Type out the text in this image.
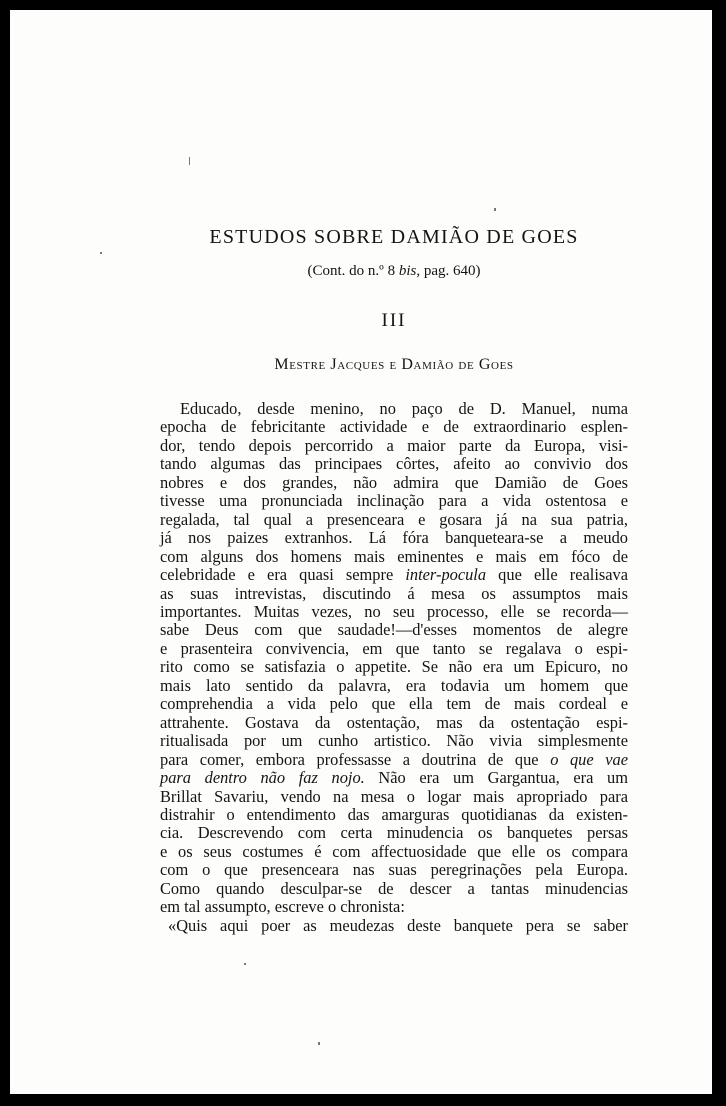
ESTUDOS SOBRE DAMIÃO DE GOES
(Cont. do n.º 8 bis, pag. 640)
III
Mestre Jacques e Damião de Goes
Educado, desde menino, no paço de D. Manuel, numa
epocha de febricitante actividade e de extraordinario esplen-
dor, tendo depois percorrido a maior parte da Europa, visi-
tando algumas das principaes côrtes, afeito ao convivio dos
nobres e dos grandes, não admira que Damião de Goes
tivesse uma pronunciada inclinação para a vida ostentosa e
regalada, tal qual a presenceara e gosara já na sua patria,
já nos paizes extranhos. Lá fóra banqueteara-se a meudo
com alguns dos homens mais eminentes e mais em fóco de
celebridade e era quasi sempre inter-pocula que elle realisava
as suas intrevistas, discutindo á mesa os assumptos mais
importantes. Muitas vezes, no seu processo, elle se recorda—
sabe Deus com que saudade!—d'esses momentos de alegre
e prasenteira convivencia, em que tanto se regalava o espi-
rito como se satisfazia o appetite. Se não era um Epicuro, no
mais lato sentido da palavra, era todavia um homem que
comprehendia a vida pelo que ella tem de mais cordeal e
attrahente. Gostava da ostentação, mas da ostentação espi-
ritualisada por um cunho artistico. Não vivia simplesmente
para comer, embora professasse a doutrina de que o que vae
para dentro não faz nojo. Não era um Gargantua, era um
Brillat Savariu, vendo na mesa o logar mais apropriado para
distrahir o entendimento das amarguras quotidianas da existen-
cia. Descrevendo com certa minudencia os banquetes persas
e os seus costumes é com affectuosidade que elle os compara
com o que presenceara nas suas peregrinações pela Europa.
Como quando desculpar-se de descer a tantas minudencias
em tal assumpto, escreve o chronista:
«Quis aqui poer as meudezas deste banquete pera se saber
